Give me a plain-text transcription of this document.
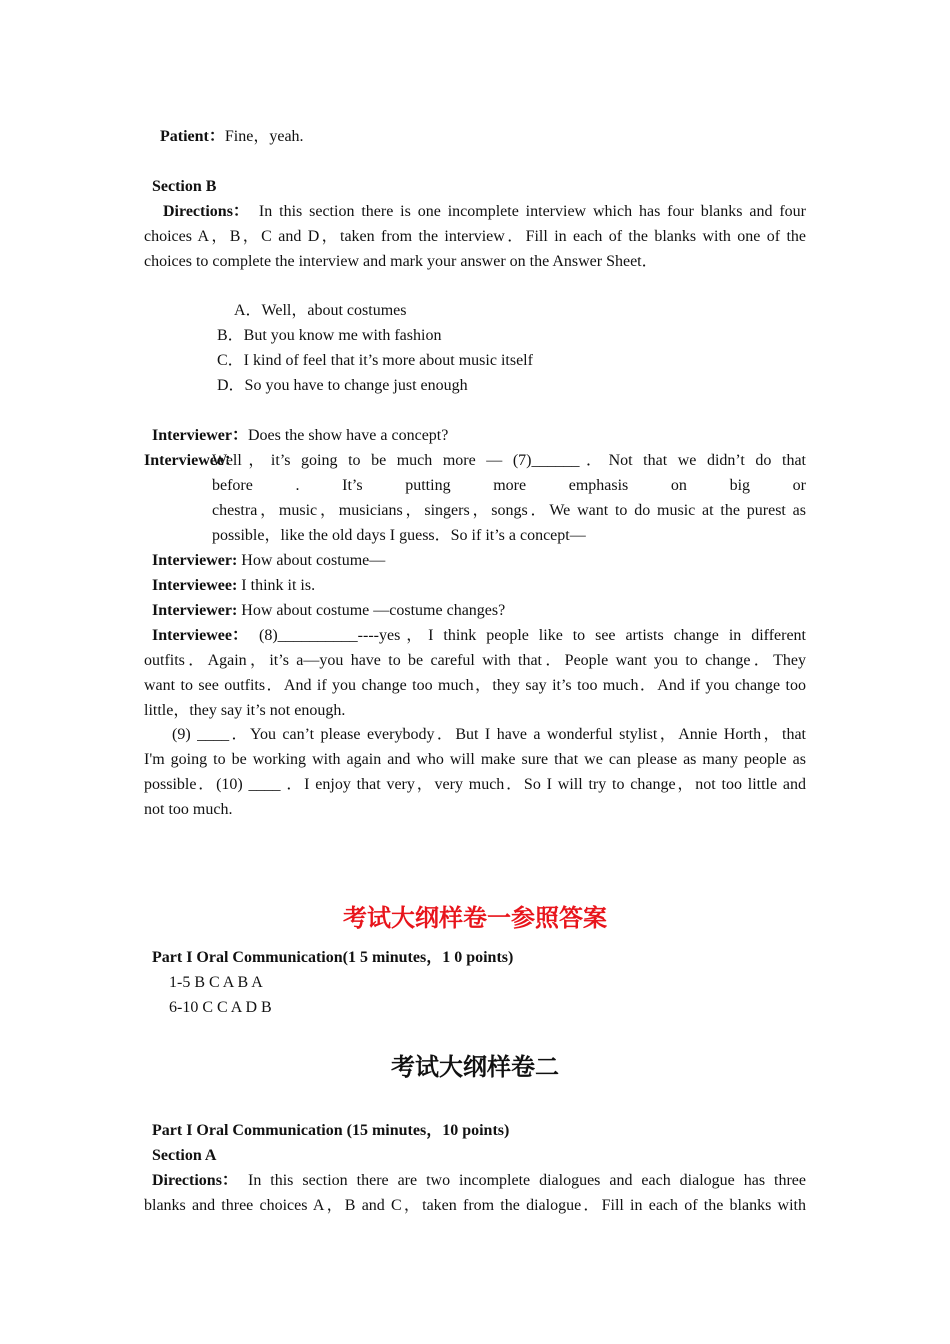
Patient：Fine，yeah.
Section B
Directions： In this section there is one incomplete interview which has four blanks and four
choices A，B，C and D，taken from the interview．Fill in each of the blanks with one of the
choices to complete the interview and mark your answer on the Answer Sheet．
A．Well，about costumes
B．But you know me with fashion
C．I kind of feel that it’s more about music itself
D．So you have to change just enough
Interviewer：Does the show have a concept?
Interviewee：
Well，it’s going to be much more — (7)______．Not that we didn’t do that
before	.	It’s	putting	more	emphasis	on	big	or
chestra，music，musicians，singers，songs．We want to do music at the purest as
possible，like the old days I guess．So if it’s a concept—
Interviewer: How about costume—
Interviewee: I think it is.
Interviewer: How about costume —costume changes?
Interviewee： (8)__________----yes，I think people like to see artists change in different
outfits．Again，it’s a—you have to be careful with that．People want you to change．They
want to see outfits．And if you change too much，they say it’s too much．And if you change too
little，they say it’s not enough.
(9) ____．You can’t please everybody．But I have a wonderful stylist，Annie Horth，that
I'm going to be working with again and who will make sure that we can please as many people as
possible．(10) ____ ．I enjoy that very，very much．So I will try to change，not too little and
not too much.
考试大纲样卷一参照答案
Part I Oral Communication(1 5 minutes，1 0 points)
1-5 B C A B A
6-10 C C A D B
考试大纲样卷二
Part I Oral Communication (15 minutes，10 points)
Section A
Directions： In this section there are two incomplete dialogues and each dialogue has three
blanks and three choices A，B and C，taken from the dialogue．Fill in each of the blanks with
